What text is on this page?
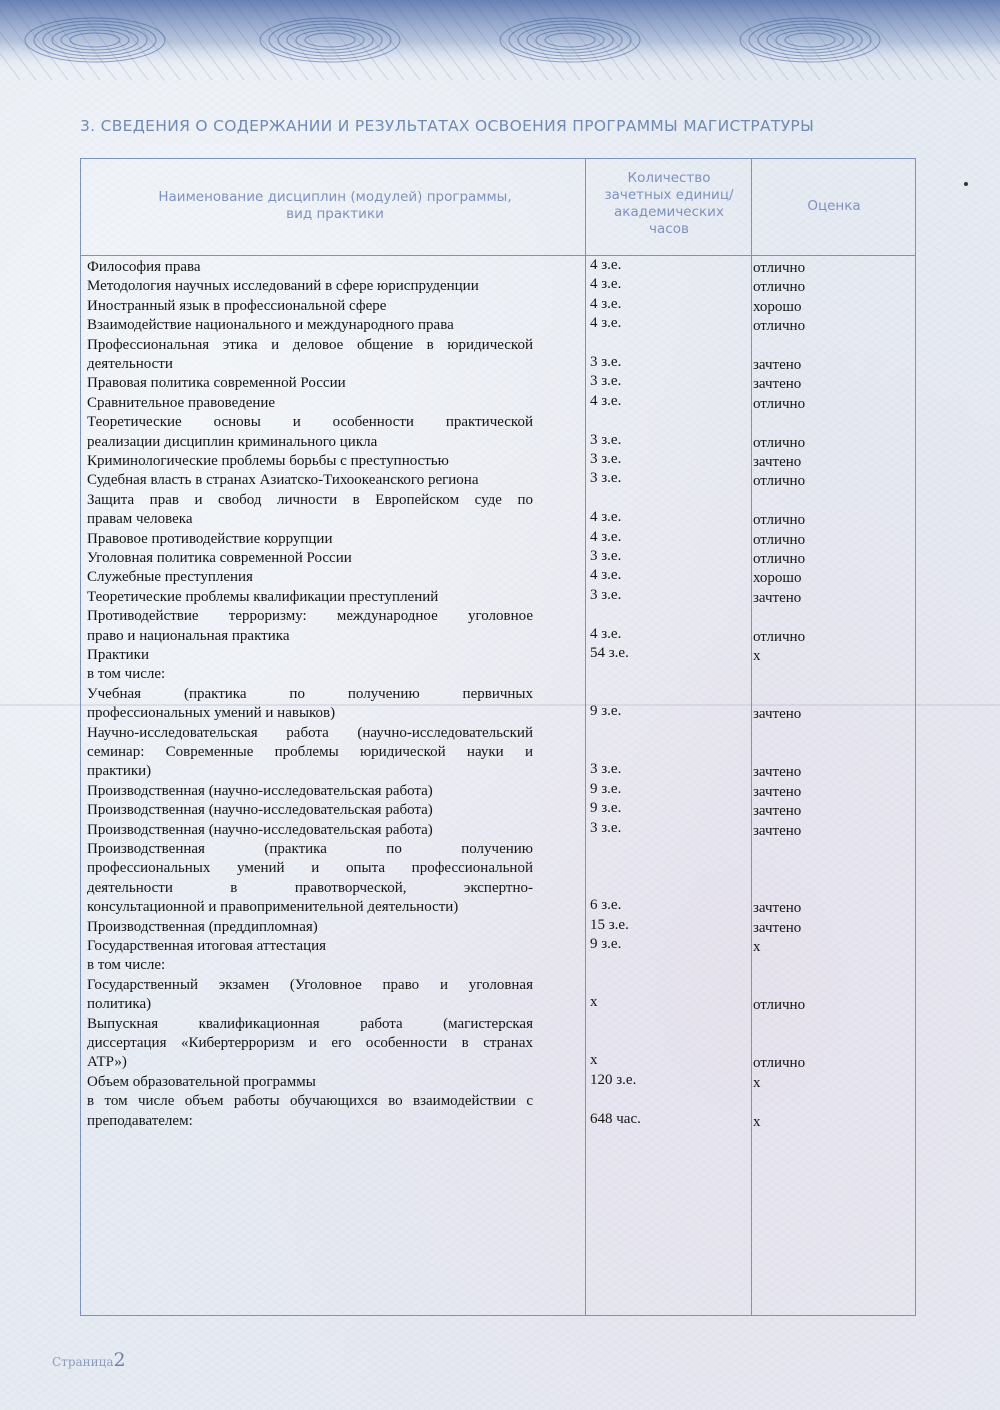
3. СВЕДЕНИЯ О СОДЕРЖАНИИ И РЕЗУЛЬТАТАХ ОСВОЕНИЯ ПРОГРАММЫ МАГИСТРАТУРЫ
Наименование дисциплин (модулей) программы,
вид практики
Количество
зачетных единиц/
академических
часов
Оценка
Философия права	4 з.е.	отлично
Методология научных исследований в сфере юриспруденции	4 з.е.	отлично
Иностранный язык в профессиональной сфере	4 з.е.	хорошо
Взаимодействие национального и международного права	4 з.е.	отлично
Профессиональная этика и деловое общение в юридической
деятельности	3 з.е.	зачтено
Правовая политика современной России	3 з.е.	зачтено
Сравнительное правоведение	4 з.е.	отлично
Теоретические основы и особенности практической
реализации дисциплин криминального цикла	3 з.е.	отлично
Криминологические проблемы борьбы с преступностью	3 з.е.	зачтено
Судебная власть в странах Азиатско-Тихоокеанского региона	3 з.е.	отлично
Защита прав и свобод личности в Европейском суде по
правам человека	4 з.е.	отлично
Правовое противодействие коррупции	4 з.е.	отлично
Уголовная политика современной России	3 з.е.	отлично
Служебные преступления	4 з.е.	хорошо
Теоретические проблемы квалификации преступлений	3 з.е.	зачтено
Противодействие терроризму: международное уголовное
право и национальная практика	4 з.е.	отлично
Практики	54 з.е.	x
в том числе:
Учебная (практика по получению первичных
профессиональных умений и навыков)	9 з.е.	зачтено
Научно-исследовательская работа (научно-исследовательский
семинар: Современные проблемы юридической науки и
практики)	3 з.е.	зачтено
Производственная (научно-исследовательская работа)	9 з.е.	зачтено
Производственная (научно-исследовательская работа)	9 з.е.	зачтено
Производственная (научно-исследовательская работа)	3 з.е.	зачтено
Производственная (практика по получению
профессиональных умений и опыта профессиональной
деятельности в правотворческой, экспертно-
консультационной и правоприменительной деятельности)	6 з.е.	зачтено
Производственная (преддипломная)	15 з.е.	зачтено
Государственная итоговая аттестация	9 з.е.	x
в том числе:
Государственный экзамен (Уголовное право и уголовная
политика)	x	отлично
Выпускная квалификационная работа (магистерская
диссертация «Кибертерроризм и его особенности в странах
АТР»)	x	отлично
Объем образовательной программы	120 з.е.	x
в том числе объем работы обучающихся во взаимодействии с
преподавателем:	648 час.	x
Страница2
